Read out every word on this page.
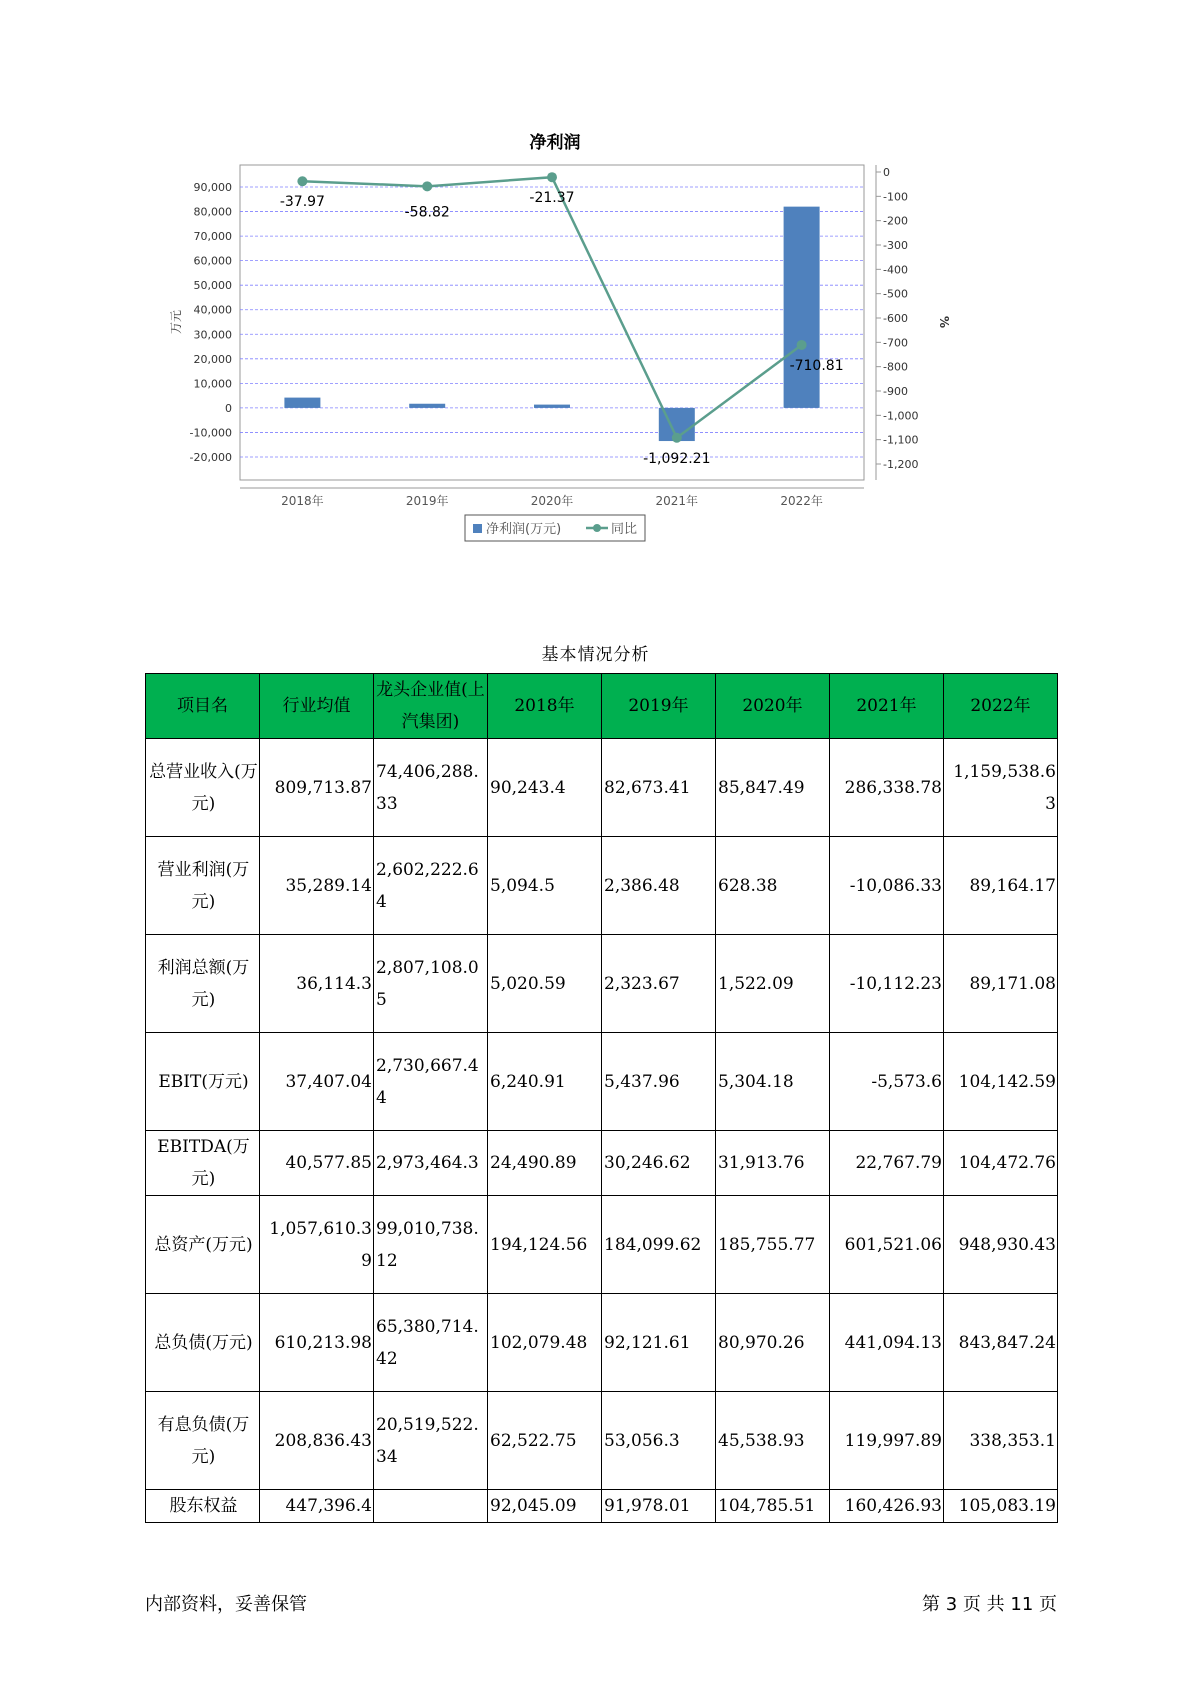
净利润
-20,000
-10,000
0
10,000
20,000
30,000
40,000
50,000
60,000
70,000
80,000
90,000
万元
0
-100
-200
-300
-400
-500
-600
-700
-800
-900
-1,000
-1,100
-1,200
%
2018年	2019年	2020年	2021年	2022年
-37.97
-58.82
-21.37
-1,092.21
-710.81
净利润(万元)	同比
基本情况分析
项目名	行业均值	龙头企业值(上汽集团)	2018年	2019年	2020年	2021年	2022年
总营业收入(万元)	809,713.87	74,406,288.33	90,243.4	82,673.41	85,847.49	286,338.78	1,159,538.63
营业利润(万元)	35,289.14	2,602,222.64	5,094.5	2,386.48	628.38	-10,086.33	89,164.17
利润总额(万元)	36,114.3	2,807,108.05	5,020.59	2,323.67	1,522.09	-10,112.23	89,171.08
EBIT(万元)	37,407.04	2,730,667.44	6,240.91	5,437.96	5,304.18	-5,573.6	104,142.59
EBITDA(万元)	40,577.85	2,973,464.3	24,490.89	30,246.62	31,913.76	22,767.79	104,472.76
总资产(万元)	1,057,610.39	99,010,738.12	194,124.56	184,099.62	185,755.77	601,521.06	948,930.43
总负债(万元)	610,213.98	65,380,714.42	102,079.48	92,121.61	80,970.26	441,094.13	843,847.24
有息负债(万元)	208,836.43	20,519,522.34	62,522.75	53,056.3	45,538.93	119,997.89	338,353.1
股东权益	447,396.4		92,045.09	91,978.01	104,785.51	160,426.93	105,083.19
内部资料，妥善保管	第 3 页 共 11 页
